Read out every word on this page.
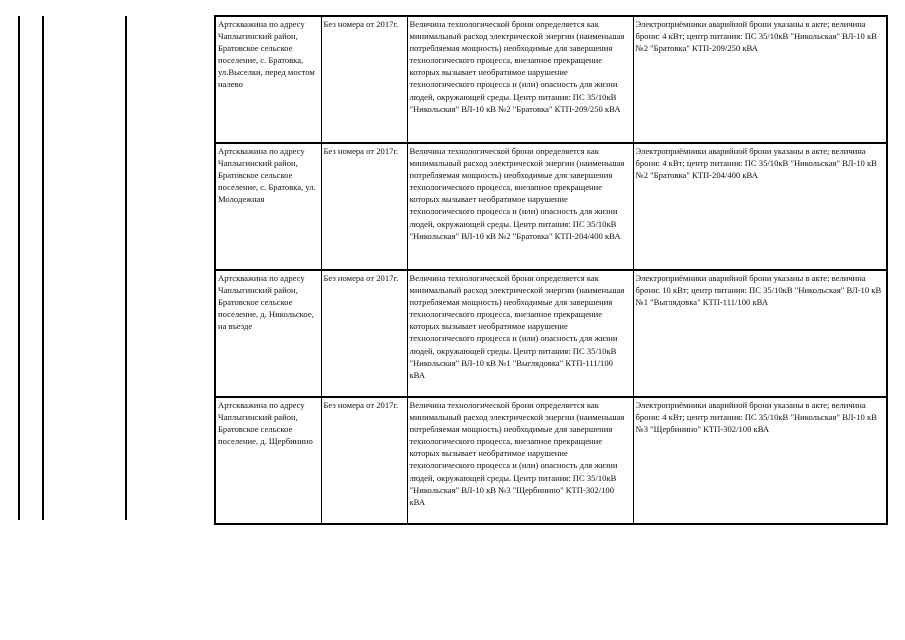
Артскважина по адресу Чаплыгинский район, Братовское сельское поселение, с. Братовка, ул.Выселки, перед мостом налево	Без номера от 2017г.	Величина технологической брони определяется как минимальный расход электрической энергии (наименьшая потребляемая мощность) необходимые для завершения технологического процесса, внезапное прекращение которых вызывает необратимое нарушение технологического процесса и (или) опасность для жизни людей, окружающей среды. Центр питания: ПС 35/10кВ "Никольская" ВЛ-10 кВ №2 "Братовка" КТП-209/250 кВА	Электроприёмники аварийной брони указаны в акте; величина брони: 4 кВт; центр питания: ПС 35/10кВ "Никольская" ВЛ-10 кВ №2 "Братовка" КТП-209/250 кВА
Артскважина по адресу Чаплыгинский район, Братовское сельское поселение, с. Братовка, ул. Молодежная	Без номера от 2017г.	Величина технологической брони определяется как минимальный расход электрической энергии (наименьшая потребляемая мощность) необходимые для завершения технологического процесса, внезапное прекращение которых вызывает необратимое нарушение технологического процесса и (или) опасность для жизни людей, окружающей среды. Центр питания: ПС 35/10кВ "Никольская" ВЛ-10 кВ №2 "Братовка" КТП-204/400 кВА	Электроприёмники аварийной брони указаны в акте; величина брони: 4 кВт; центр питания: ПС 35/10кВ "Никольская" ВЛ-10 кВ №2 "Братовка" КТП-204/400 кВА
Артскважина по адресу Чаплыгинский район, Братовское сельское поселение, д. Никольское, на въезде	Без номера от 2017г.	Величина технологической брони определяется как минимальный расход электрической энергии (наименьшая потребляемая мощность) необходимые для завершения технологического процесса, внезапное прекращение которых вызывает необратимое нарушение технологического процесса и (или) опасность для жизни людей, окружающей среды. Центр питания: ПС 35/10кВ "Никольская" ВЛ-10 кВ №1 "Выглядовка" КТП-111/100 кВА	Электроприёмники аварийной брони указаны в акте; величина брони: 10 кВт; центр питания: ПС 35/10кВ "Никольская" ВЛ-10 кВ №1 "Выглядовка" КТП-111/100 кВА
Артскважина по адресу Чаплыгинский район, Братовское сельское поселение, д. Щербинино	Без номера от 2017г.	Величина технологической брони определяется как минимальный расход электрической энергии (наименьшая потребляемая мощность) необходимые для завершения технологического процесса, внезапное прекращение которых вызывает необратимое нарушение технологического процесса и (или) опасность для жизни людей, окружающей среды. Центр питания: ПС 35/10кВ "Никольская" ВЛ-10 кВ №3 "Щербинино" КТП-302/100 кВА	Электроприёмники аварийной брони указаны в акте; величина брони: 4 кВт; центр питания: ПС 35/10кВ "Никольская" ВЛ-10 кВ №3 "Щербинино" КТП-302/100 кВА
